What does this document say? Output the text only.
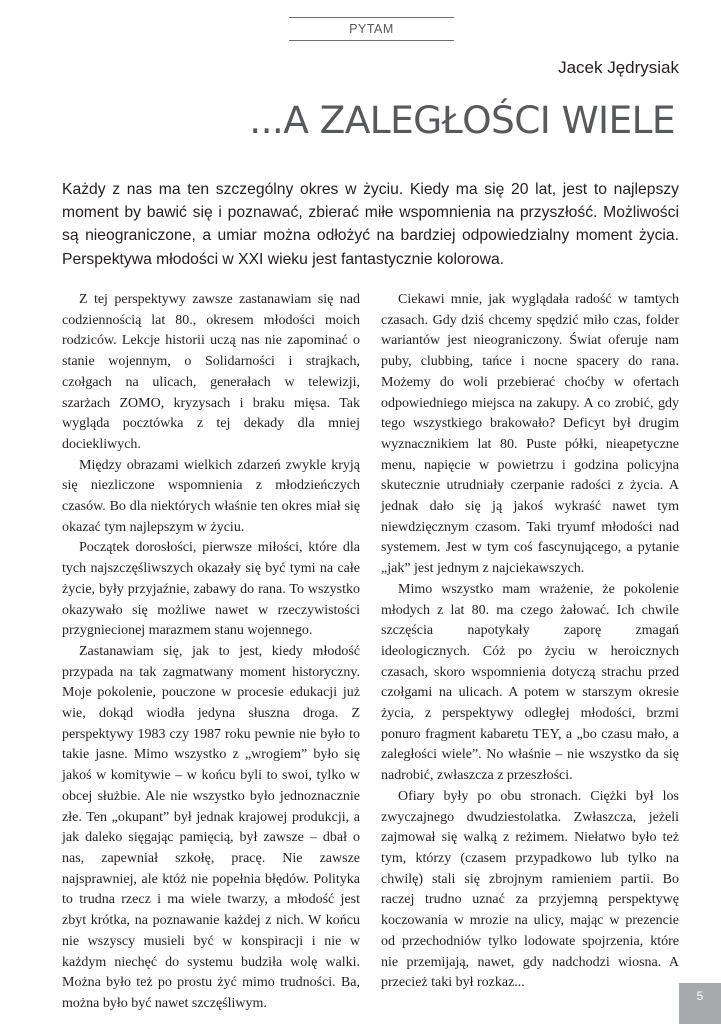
PYTAM
Jacek Jędrysiak
...A ZALEGŁOŚCI WIELE

Każdy z nas ma ten szczególny okres w życiu. Kiedy ma się 20 lat, jest to najlepszy moment by bawić się i poznawać, zbierać miłe wspomnienia na przyszłość. Możliwości są nieograniczone, a umiar można odłożyć na bardziej odpowiedzialny moment życia. Perspektywa młodości w XXI wieku jest fantastycznie kolorowa.

Z tej perspektywy zawsze zastanawiam się nad codziennością lat 80., okresem młodości moich rodziców. Lekcje historii uczą nas nie zapominać o stanie wojennym, o Solidarności i strajkach, czołgach na ulicach, generałach w telewizji, szarżach ZOMO, kryzysach i braku mięsa. Tak wygląda pocztówka z tej dekady dla mniej dociekliwych.

Między obrazami wielkich zdarzeń zwykle kryją się niezliczone wspomnienia z młodzieńczych czasów. Bo dla niektórych właśnie ten okres miał się okazać tym najlepszym w życiu.

Początek dorosłości, pierwsze miłości, które dla tych najszczęśliwszych okazały się być tymi na całe życie, były przyjaźnie, zabawy do rana. To wszystko okazywało się możliwe nawet w rzeczywistości przygniecionej marazmem stanu wojennego.

Zastanawiam się, jak to jest, kiedy młodość przypada na tak zagmatwany moment historyczny. Moje pokolenie, pouczone w procesie edukacji już wie, dokąd wiodła jedyna słuszna droga. Z perspektywy 1983 czy 1987 roku pewnie nie było to takie jasne. Mimo wszystko z „wrogiem” było się jakoś w komitywie – w końcu byli to swoi, tylko w obcej służbie. Ale nie wszystko było jednoznacznie złe. Ten „okupant” był jednak krajowej produkcji, a jak daleko sięgając pamięcią, był zawsze – dbał o nas, zapewniał szkołę, pracę. Nie zawsze najsprawniej, ale któż nie popełnia błędów. Polityka to trudna rzecz i ma wiele twarzy, a młodość jest zbyt krótka, na poznawanie każdej z nich. W końcu nie wszyscy musieli być w konspiracji i nie w każdym niechęć do systemu budziła wolę walki. Można było też po prostu żyć mimo trudności. Ba, można było być nawet szczęśliwym.

Ciekawi mnie, jak wyglądała radość w tamtych czasach. Gdy dziś chcemy spędzić miło czas, folder wariantów jest nieograniczony. Świat oferuje nam puby, clubbing, tańce i nocne spacery do rana. Możemy do woli przebierać choćby w ofertach odpowiedniego miejsca na zakupy. A co zrobić, gdy tego wszystkiego brakowało? Deficyt był drugim wyznacznikiem lat 80. Puste półki, nieapetyczne menu, napięcie w powietrzu i godzina policyjna skutecznie utrudniały czerpanie radości z życia. A jednak dało się ją jakoś wykraść nawet tym niewdzięcznym czasom. Taki tryumf młodości nad systemem. Jest w tym coś fascynującego, a pytanie „jak” jest jednym z najciekawszych.

Mimo wszystko mam wrażenie, że pokolenie młodych z lat 80. ma czego żałować. Ich chwile szczęścia napotykały zaporę zmagań ideologicznych. Cóż po życiu w heroicznych czasach, skoro wspomnienia dotyczą strachu przed czołgami na ulicach. A potem w starszym okresie życia, z perspektywy odległej młodości, brzmi ponuro fragment kabaretu TEY, a „bo czasu mało, a zaległości wiele”. No właśnie – nie wszystko da się nadrobić, zwłaszcza z przeszłości.

Ofiary były po obu stronach. Ciężki był los zwyczajnego dwudziestolatka. Zwłaszcza, jeżeli zajmował się walką z reżimem. Niełatwo było też tym, którzy (czasem przypadkowo lub tylko na chwilę) stali się zbrojnym ramieniem partii. Bo raczej trudno uznać za przyjemną perspektywę koczowania w mrozie na ulicy, mając w prezencie od przechodniów tylko lodowate spojrzenia, które nie przemijają, nawet, gdy nadchodzi wiosna. A przecież taki był rozkaz...

5
